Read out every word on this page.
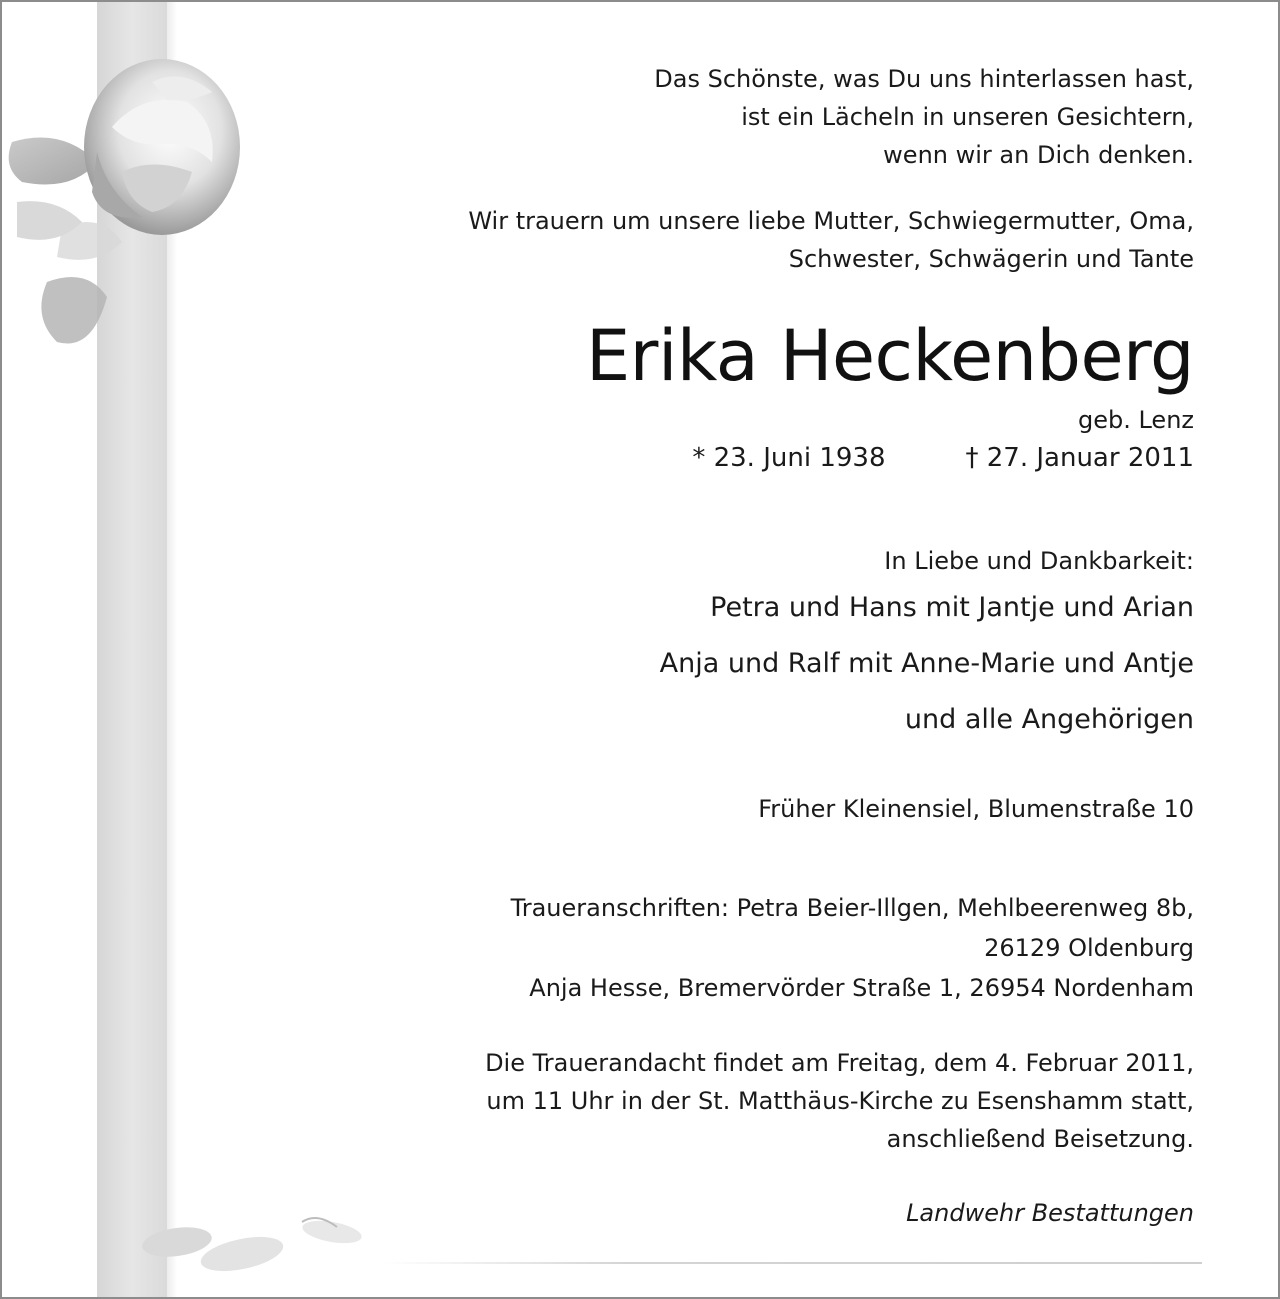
Das Schönste, was Du uns hinterlassen hast,
ist ein Lächeln in unseren Gesichtern,
wenn wir an Dich denken.
Wir trauern um unsere liebe Mutter, Schwiegermutter, Oma,
Schwester, Schwägerin und Tante
Erika Heckenberg
geb. Lenz
* 23. Juni 1938	† 27. Januar 2011
In Liebe und Dankbarkeit:
Petra und Hans mit Jantje und Arian
Anja und Ralf mit Anne-Marie und Antje
und alle Angehörigen
Früher Kleinensiel, Blumenstraße 10
Traueranschriften: Petra Beier-Illgen, Mehlbeerenweg 8b,
26129 Oldenburg
Anja Hesse, Bremervörder Straße 1, 26954 Nordenham
Die Trauerandacht findet am Freitag, dem 4. Februar 2011,
um 11 Uhr in der St. Matthäus-Kirche zu Esenshamm statt,
anschließend Beisetzung.
Landwehr Bestattungen
